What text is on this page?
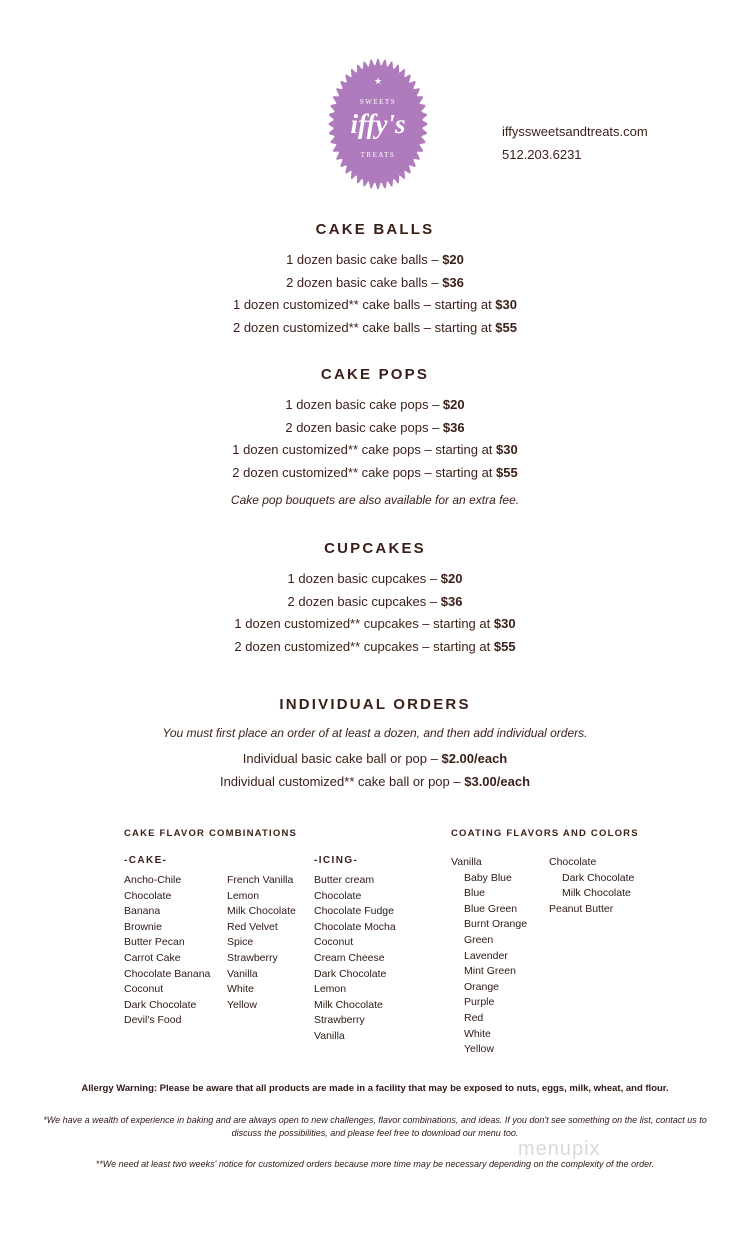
★
SWEETS
iffy's
TREATS
iffyssweetsandtreats.com
512.203.6231
CAKE BALLS
1 dozen basic cake balls – $20
2 dozen basic cake balls – $36
1 dozen customized** cake balls – starting at $30
2 dozen customized** cake balls – starting at $55
CAKE POPS
1 dozen basic cake pops – $20
2 dozen basic cake pops – $36
1 dozen customized** cake pops – starting at $30
2 dozen customized** cake pops – starting at $55
Cake pop bouquets are also available for an extra fee.
CUPCAKES
1 dozen basic cupcakes – $20
2 dozen basic cupcakes – $36
1 dozen customized** cupcakes – starting at $30
2 dozen customized** cupcakes – starting at $55
INDIVIDUAL ORDERS
You must first place an order of at least a dozen, and then add individual orders.
Individual basic cake ball or pop – $2.00/each
Individual customized** cake ball or pop – $3.00/each
CAKE FLAVOR COMBINATIONS
-CAKE-	-ICING-
Ancho-Chile
Chocolate
Banana
Brownie
Butter Pecan
Carrot Cake
Chocolate Banana
Coconut
Dark Chocolate
Devil's Food
French Vanilla
Lemon
Milk Chocolate
Red Velvet
Spice
Strawberry
Vanilla
White
Yellow
Butter cream
Chocolate
Chocolate Fudge
Chocolate Mocha
Coconut
Cream Cheese
Dark Chocolate
Lemon
Milk Chocolate
Strawberry
Vanilla
COATING FLAVORS AND COLORS
Vanilla
Baby Blue
Blue
Blue Green
Burnt Orange
Green
Lavender
Mint Green
Orange
Purple
Red
White
Yellow
Chocolate
Dark Chocolate
Milk Chocolate
Peanut Butter
Allergy Warning: Please be aware that all products are made in a facility that may be exposed to nuts, eggs, milk, wheat, and flour.
*We have a wealth of experience in baking and are always open to new challenges, flavor combinations, and ideas. If you don't see something on the list, contact us to discuss the possibilities, and please feel free to download our menu too.
**We need at least two weeks' notice for customized orders because more time may be necessary depending on the complexity of the order.
menupix
